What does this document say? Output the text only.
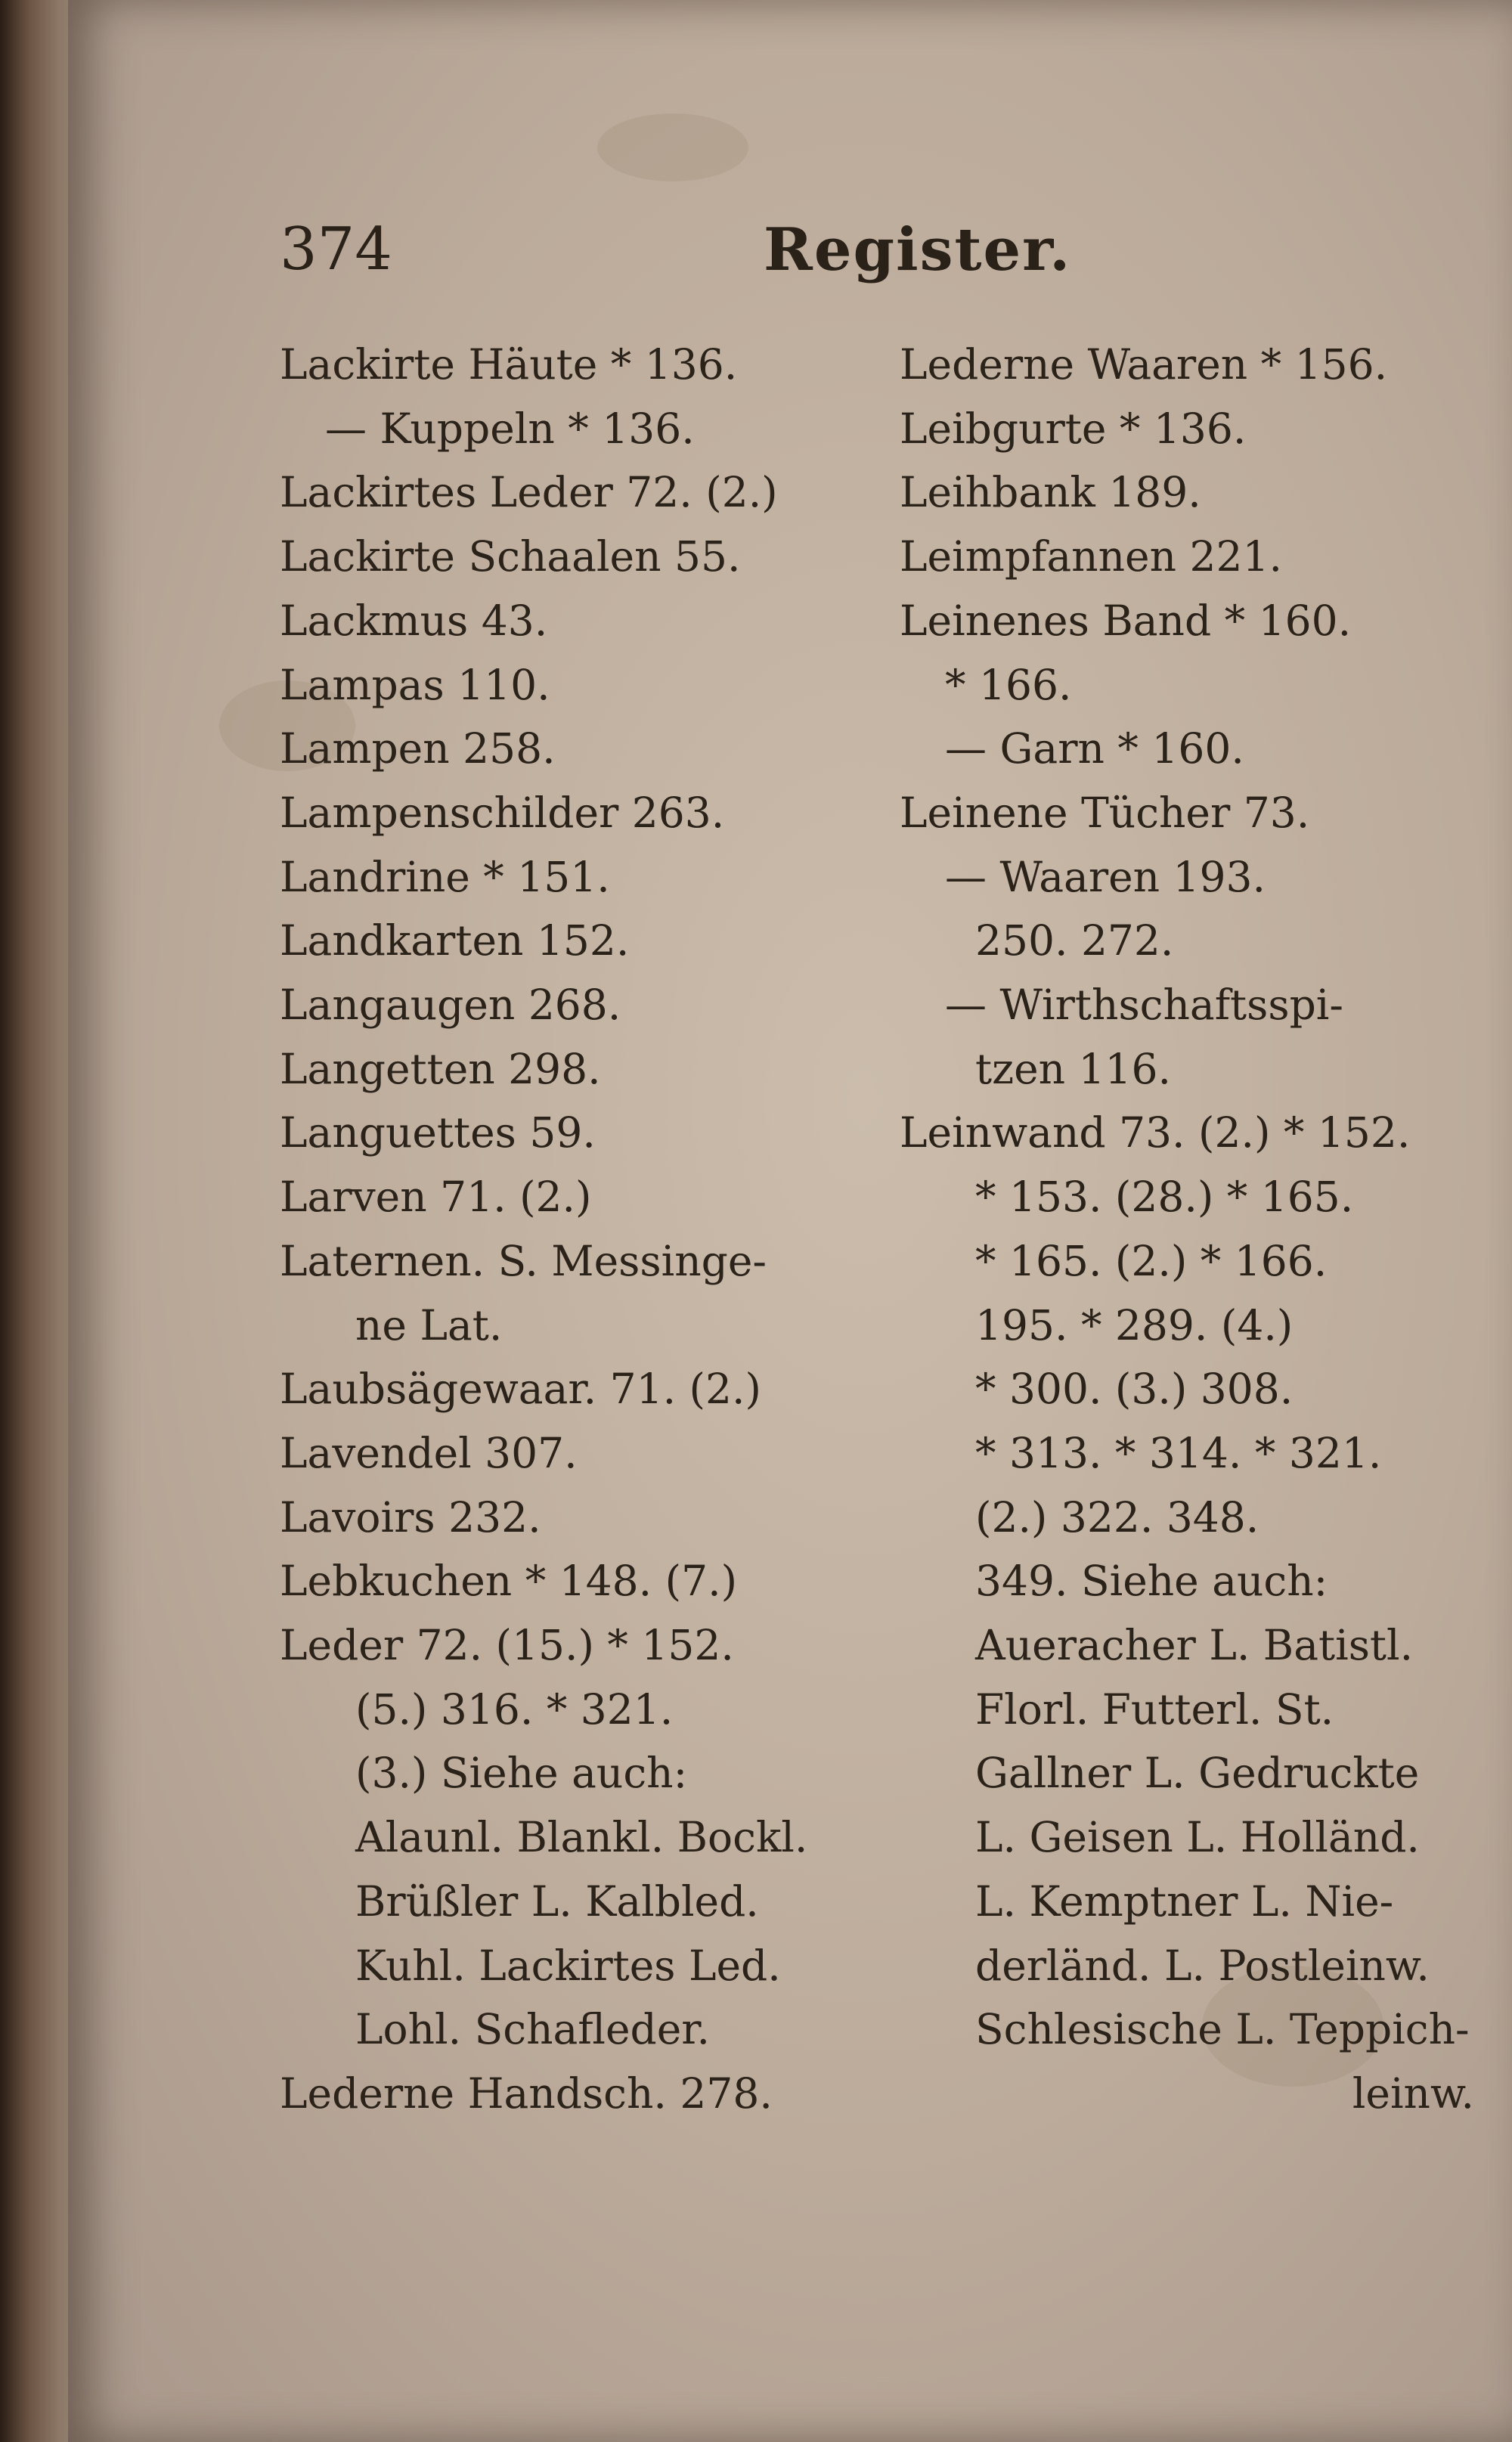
374	Register.
Lackirte Häute * 136.
— Kuppeln * 136.
Lackirtes Leder 72. (2.)
Lackirte Schaalen 55.
Lackmus 43.
Lampas 110.
Lampen 258.
Lampenschilder 263.
Landrine * 151.
Landkarten 152.
Langaugen 268.
Langetten 298.
Languettes 59.
Larven 71. (2.)
Laternen. S. Messinge-
ne Lat.
Laubsägewaar. 71. (2.)
Lavendel 307.
Lavoirs 232.
Lebkuchen * 148. (7.)
Leder 72. (15.) * 152.
(5.) 316. * 321.
(3.) Siehe auch:
Alaunl. Blankl. Bockl.
Brüßler L. Kalbled.
Kuhl. Lackirtes Led.
Lohl. Schafleder.
Lederne Handsch. 278.
Lederne Waaren * 156.
Leibgurte * 136.
Leihbank 189.
Leimpfannen 221.
Leinenes Band * 160.
* 166.
— Garn * 160.
Leinene Tücher 73.
— Waaren 193.
250. 272.
— Wirthschaftsspi-
tzen 116.
Leinwand 73. (2.) * 152.
* 153. (28.) * 165.
* 165. (2.) * 166.
195. * 289. (4.)
* 300. (3.) 308.
* 313. * 314. * 321.
(2.) 322. 348.
349. Siehe auch:
Aueracher L. Batistl.
Florl. Futterl. St.
Gallner L. Gedruckte
L. Geisen L. Holländ.
L. Kemptner L. Nie-
derländ. L. Postleinw.
Schlesische L. Teppich-
leinw.
